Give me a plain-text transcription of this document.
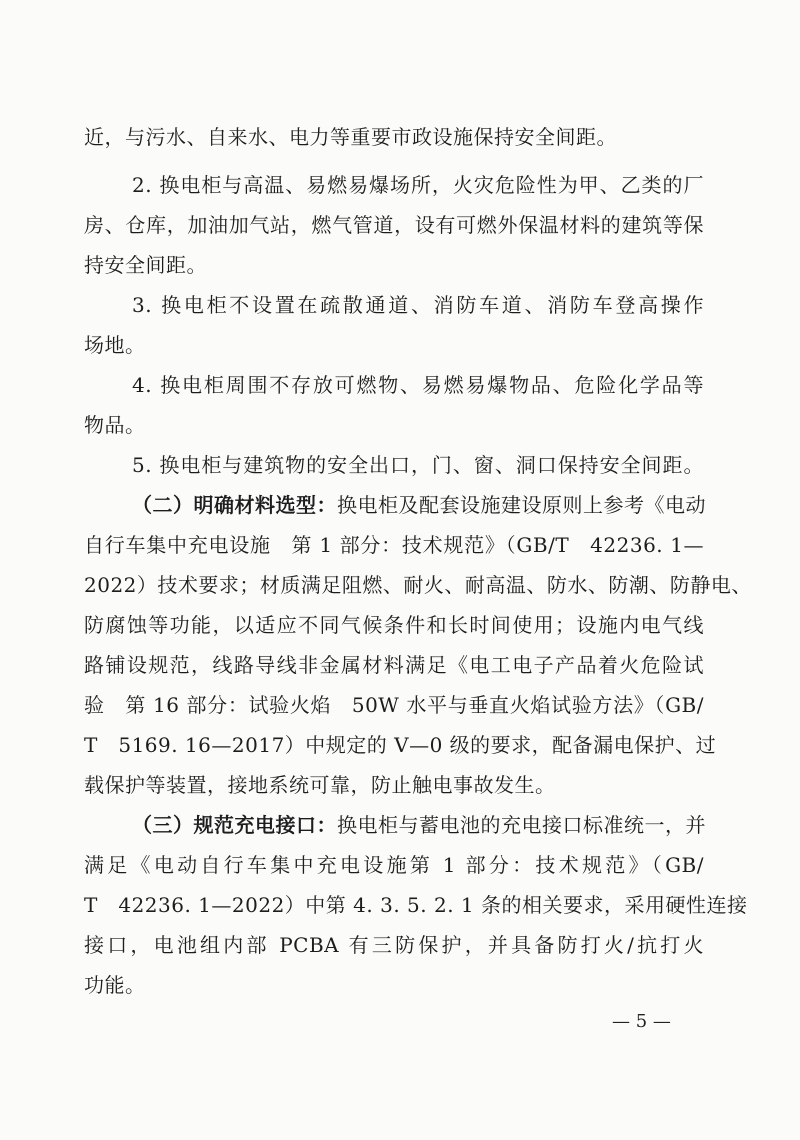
近，与污水、自来水、电力等重要市政设施保持安全间距。
2. 换电柜与高温、易燃易爆场所，火灾危险性为甲、乙类的厂
房、仓库，加油加气站，燃气管道，设有可燃外保温材料的建筑等保
持安全间距。
3. 换电柜不设置在疏散通道、消防车道、消防车登高操作
场地。
4. 换电柜周围不存放可燃物、易燃易爆物品、危险化学品等
物品。
5. 换电柜与建筑物的安全出口，门、窗、洞口保持安全间距。
（二）明确材料选型：换电柜及配套设施建设原则上参考《电动
自行车集中充电设施　第 1 部分：技术规范》（GB/T　42236. 1—
2022）技术要求；材质满足阻燃、耐火、耐高温、防水、防潮、防静电、
防腐蚀等功能，以适应不同气候条件和长时间使用；设施内电气线
路铺设规范，线路导线非金属材料满足《电工电子产品着火危险试
验　第 16 部分：试验火焰　50W 水平与垂直火焰试验方法》（GB/
T　5169. 16—2017）中规定的 V—0 级的要求，配备漏电保护、过
载保护等装置，接地系统可靠，防止触电事故发生。
（三）规范充电接口：换电柜与蓄电池的充电接口标准统一，并
满足《电动自行车集中充电设施第 1 部分：技术规范》（GB/
T　42236. 1—2022）中第 4. 3. 5. 2. 1 条的相关要求，采用硬性连接
接口，电池组内部 PCBA 有三防保护，并具备防打火/抗打火
功能。
— 5 —
